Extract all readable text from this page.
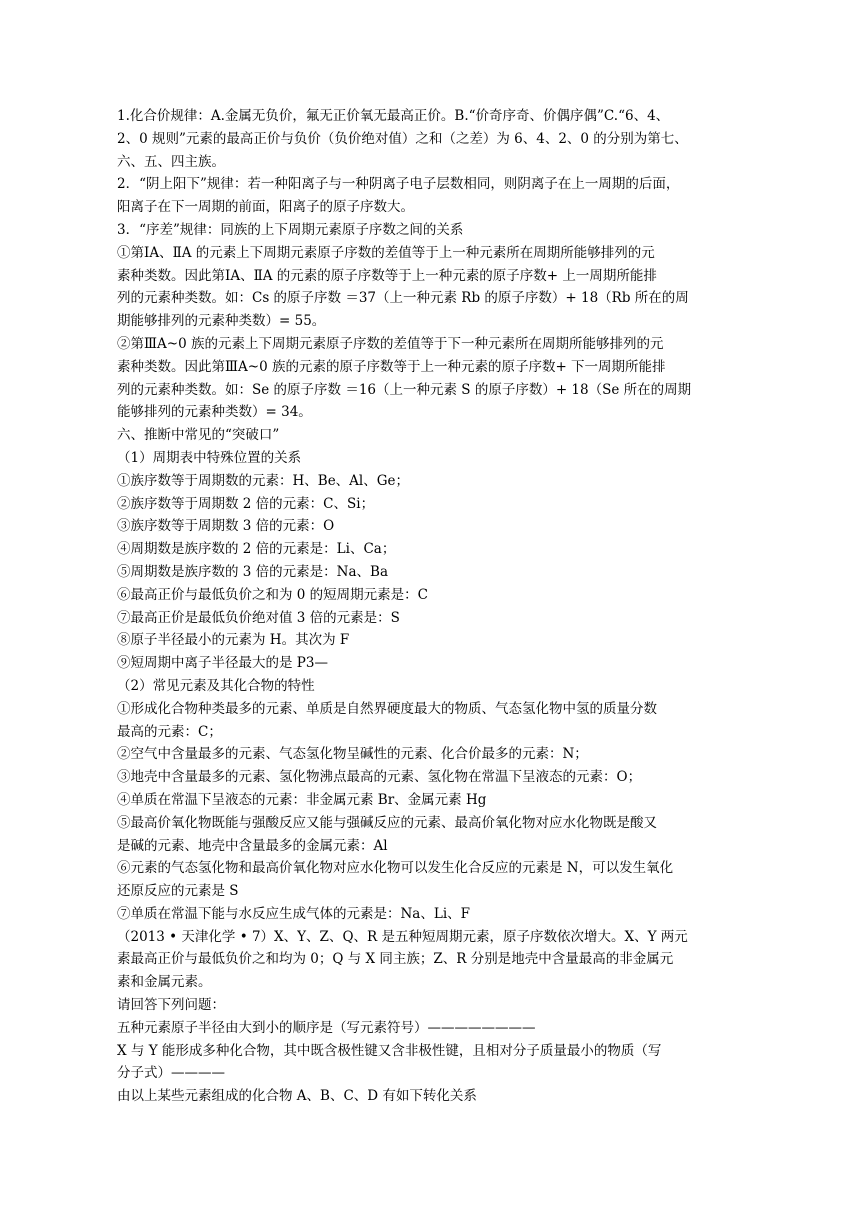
1.化合价规律：A.金属无负价，氟无正价氧无最高正价。B.“价奇序奇、价偶序偶”C.“6、4、
2、0 规则”元素的最高正价与负价（负价绝对值）之和（之差）为 6、4、2、0 的分别为第七、
六、五、四主族。
2．“阴上阳下”规律：若一种阳离子与一种阴离子电子层数相同，则阴离子在上一周期的后面，
阳离子在下一周期的前面，阳离子的原子序数大。
3．“序差”规律：同族的上下周期元素原子序数之间的关系
①第ⅠA、ⅡA 的元素上下周期元素原子序数的差值等于上一种元素所在周期所能够排列的元
素种类数。因此第ⅠA、ⅡA 的元素的原子序数等于上一种元素的原子序数+ 上一周期所能排
列的元素种类数。如：Cs 的原子序数 ＝37（上一种元素 Rb 的原子序数）+ 18（Rb 所在的周
期能够排列的元素种类数）= 55。
②第ⅢA~0 族的元素上下周期元素原子序数的差值等于下一种元素所在周期所能够排列的元
素种类数。因此第ⅢA~0 族的元素的原子序数等于上一种元素的原子序数+ 下一周期所能排
列的元素种类数。如：Se 的原子序数 ＝16（上一种元素 S 的原子序数）+ 18（Se 所在的周期
能够排列的元素种类数）= 34。
六、推断中常见的“突破口”
（1）周期表中特殊位置的关系
①族序数等于周期数的元素：H、Be、Al、Ge；
②族序数等于周期数 2 倍的元素：C、Si；
③族序数等于周期数 3 倍的元素：O
④周期数是族序数的 2 倍的元素是：Li、Ca；
⑤周期数是族序数的 3 倍的元素是：Na、Ba
⑥最高正价与最低负价之和为 0 的短周期元素是：C
⑦最高正价是最低负价绝对值 3 倍的元素是：S
⑧原子半径最小的元素为 H。其次为 F
⑨短周期中离子半径最大的是 P3—
（2）常见元素及其化合物的特性
①形成化合物种类最多的元素、单质是自然界硬度最大的物质、气态氢化物中氢的质量分数
最高的元素：C；
②空气中含量最多的元素、气态氢化物呈碱性的元素、化合价最多的元素：N；
③地壳中含量最多的元素、氢化物沸点最高的元素、氢化物在常温下呈液态的元素：O；
④单质在常温下呈液态的元素：非金属元素 Br、金属元素 Hg
⑤最高价氧化物既能与强酸反应又能与强碱反应的元素、最高价氧化物对应水化物既是酸又
是碱的元素、地壳中含量最多的金属元素：Al
⑥元素的气态氢化物和最高价氧化物对应水化物可以发生化合反应的元素是 N，可以发生氧化
还原反应的元素是 S
⑦单质在常温下能与水反应生成气体的元素是：Na、Li、F
（2013 • 天津化学 • 7）X、Y、Z、Q、R 是五种短周期元素，原子序数依次增大。X、Y 两元
素最高正价与最低负价之和均为 0；Q 与 X 同主族；Z、R 分别是地壳中含量最高的非金属元
素和金属元素。
请回答下列问题：
五种元素原子半径由大到小的顺序是（写元素符号）————————
X 与 Y 能形成多种化合物，其中既含极性键又含非极性键，且相对分子质量最小的物质（写
分子式）————
由以上某些元素组成的化合物 A、B、C、D 有如下转化关系
